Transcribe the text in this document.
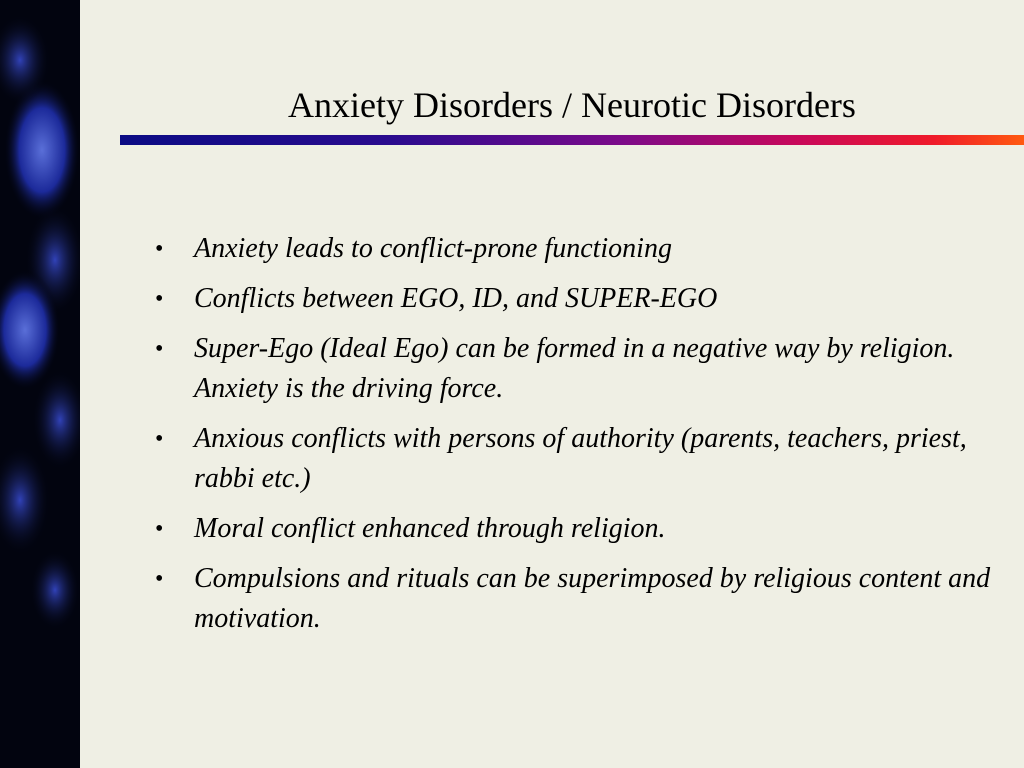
Anxiety Disorders / Neurotic Disorders
• Anxiety leads to conflict-prone functioning
• Conflicts between EGO, ID, and SUPER-EGO
• Super-Ego (Ideal Ego) can be formed in a negative way by religion. Anxiety is the driving force.
• Anxious conflicts with persons of authority (parents, teachers, priest, rabbi etc.)
• Moral conflict enhanced through religion.
• Compulsions and rituals can be superimposed by religious content and motivation.
